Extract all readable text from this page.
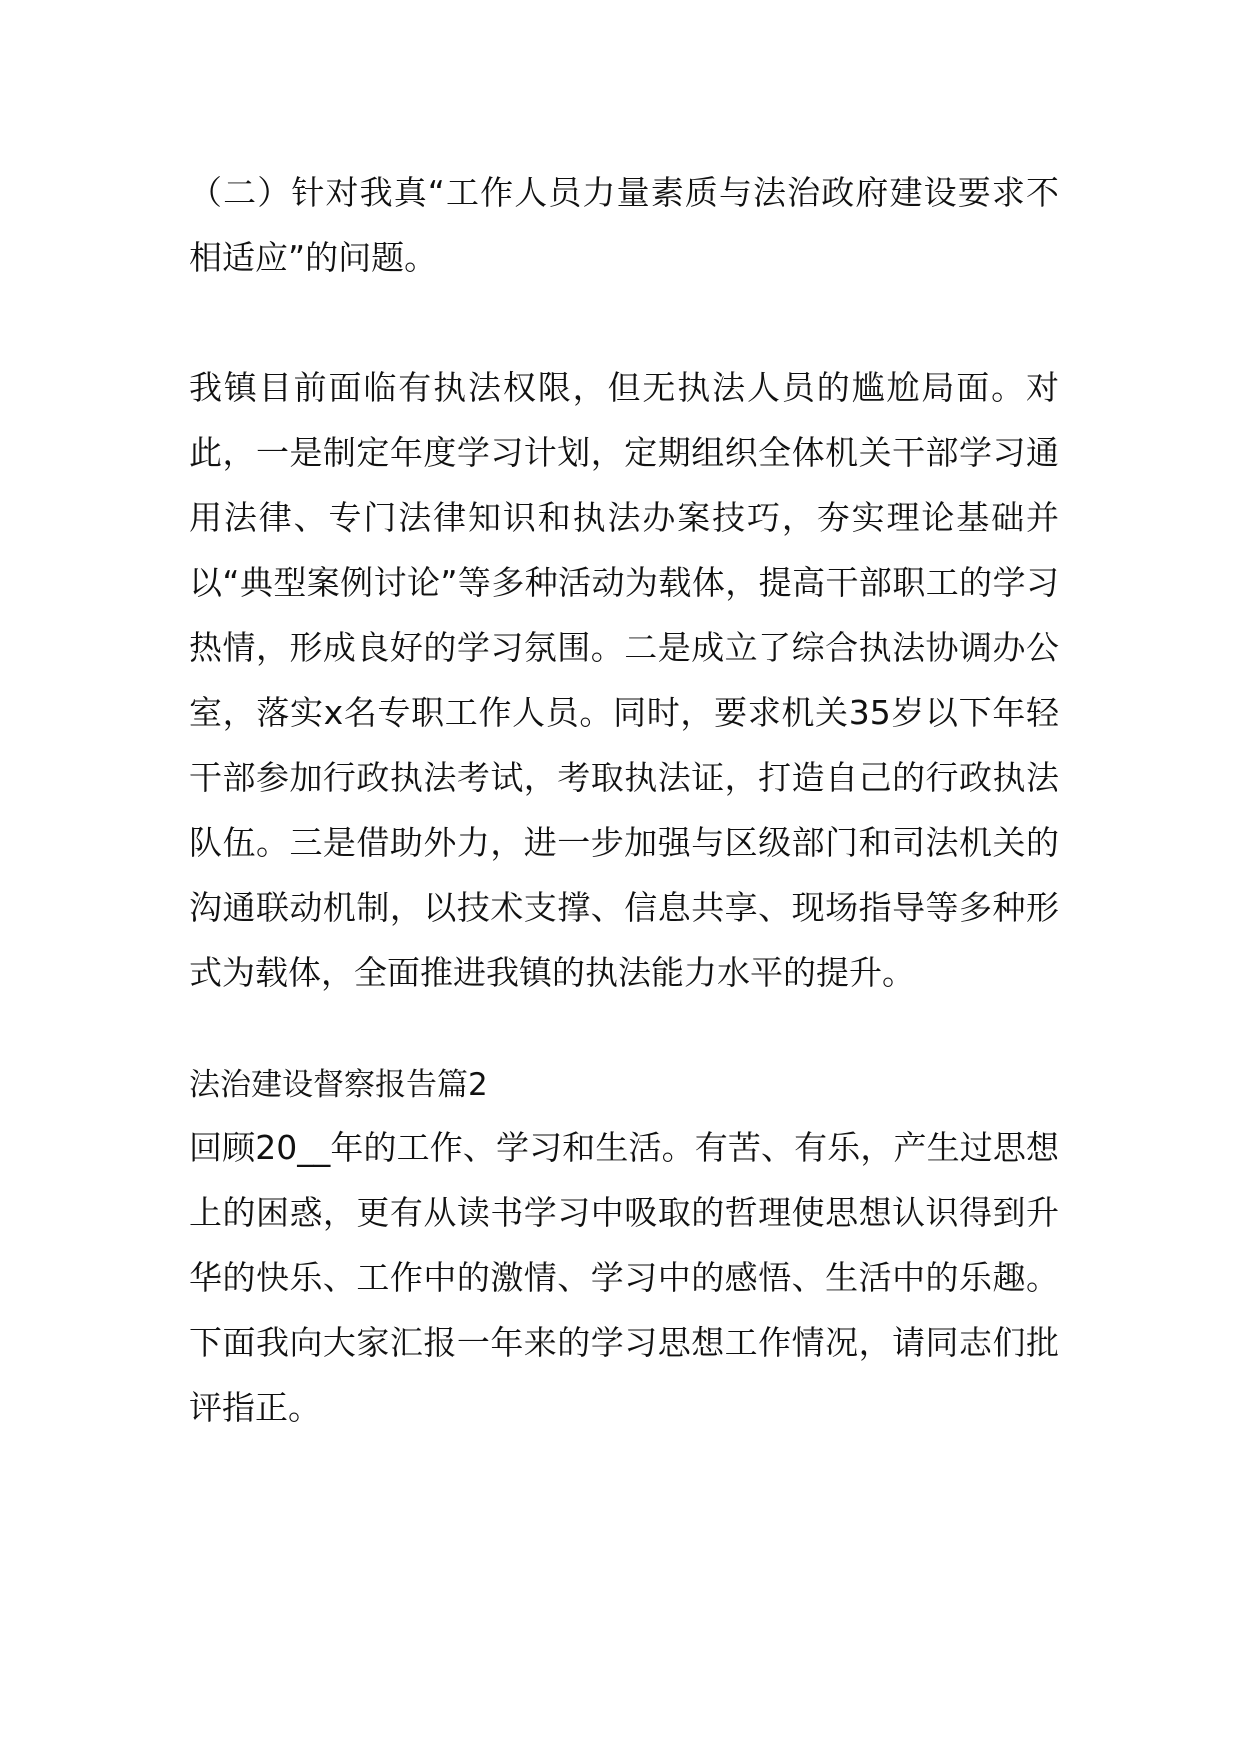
（二）针对我真“工作人员力量素质与法治政府建设要求不相适应”的问题。

我镇目前面临有执法权限，但无执法人员的尴尬局面。对此，一是制定年度学习计划，定期组织全体机关干部学习通用法律、专门法律知识和执法办案技巧，夯实理论基础并以“典型案例讨论”等多种活动为载体，提高干部职工的学习热情，形成良好的学习氛围。二是成立了综合执法协调办公室，落实x名专职工作人员。同时，要求机关35岁以下年轻干部参加行政执法考试，考取执法证，打造自己的行政执法队伍。三是借助外力，进一步加强与区级部门和司法机关的沟通联动机制，以技术支撑、信息共享、现场指导等多种形式为载体，全面推进我镇的执法能力水平的提升。

法治建设督察报告篇2

回顾20__年的工作、学习和生活。有苦、有乐，产生过思想上的困惑，更有从读书学习中吸取的哲理使思想认识得到升华的快乐、工作中的激情、学习中的感悟、生活中的乐趣。下面我向大家汇报一年来的学习思想工作情况，请同志们批评指正。
